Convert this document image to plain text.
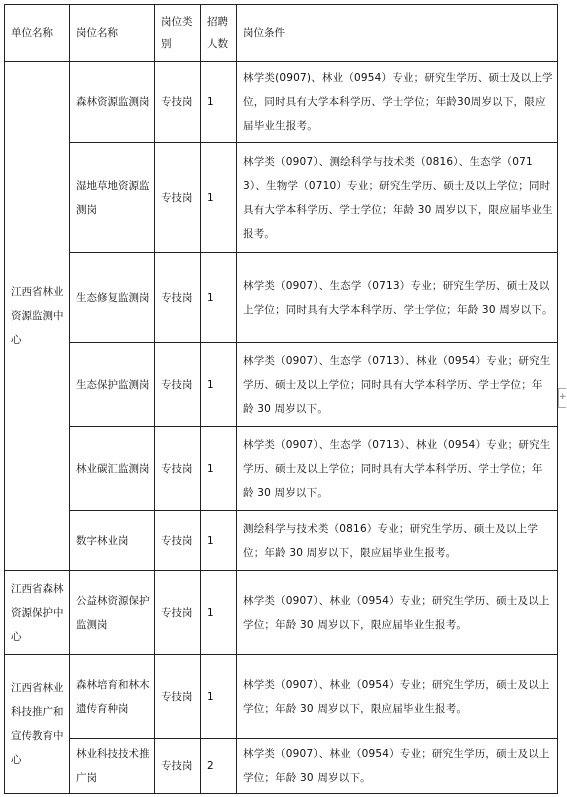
单位名称	岗位名称	岗位类别	招聘人数	岗位条件
江西省林业资源监测中心	森林资源监测岗	专技岗	1	林学类(0907)、林业（0954）专业；研究生学历、硕士及以上学位，同时具有大学本科学历、学士学位；年龄30周岁以下，限应届毕业生报考。
	湿地草地资源监测岗	专技岗	1	林学类（0907）、测绘科学与技术类（0816）、生态学（0713）、生物学（0710）专业；研究生学历、硕士及以上学位；同时具有大学本科学历、学士学位；年龄 30 周岁以下，限应届毕业生报考。
	生态修复监测岗	专技岗	1	林学类（0907）、生态学（0713）专业；研究生学历、硕士及以上学位；同时具有大学本科学历、学士学位；年龄 30 周岁以下。
	生态保护监测岗	专技岗	1	林学类（0907）、生态学（0713）、林业（0954）专业；研究生学历、硕士及以上学位；同时具有大学本科学历、学士学位；年龄 30 周岁以下。
	林业碳汇监测岗	专技岗	1	林学类（0907）、生态学（0713）、林业（0954）专业；研究生学历、硕士及以上学位；同时具有大学本科学历、学士学位；年龄 30 周岁以下。
	数字林业岗	专技岗	1	测绘科学与技术类（0816）专业；研究生学历、硕士及以上学位；年龄 30 周岁以下，限应届毕业生报考。
江西省森林资源保护中心	公益林资源保护监测岗	专技岗	1	林学类（0907）、林业（0954）专业；研究生学历、硕士及以上学位；年龄 30 周岁以下，限应届毕业生报考。
江西省林业科技推广和宣传教育中心	森林培育和林木遗传育种岗	专技岗	1	林学类（0907）、林业（0954）专业；研究生学历，硕士及以上学位；年龄 30 周岁以下，限应届毕业生报考。
	林业科技技术推广岗	专技岗	2	林学类（0907）、林业（0954）专业；研究生学历，硕士及以上学位；年龄 30 周岁以下。
+
